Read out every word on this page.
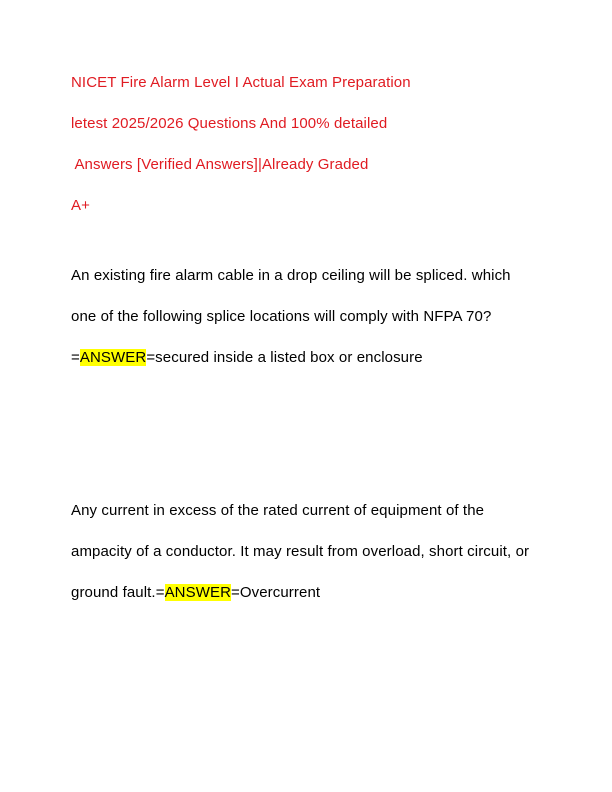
NICET Fire Alarm Level I Actual Exam Preparation
letest 2025/2026 Questions And 100% detailed
Answers [Verified Answers]|Already Graded
A+

An existing fire alarm cable in a drop ceiling will be spliced. which one of the following splice locations will comply with NFPA 70?=ANSWER=secured inside a listed box or enclosure

Any current in excess of the rated current of equipment of the ampacity of a conductor. It may result from overload, short circuit, or ground fault.=ANSWER=Overcurrent
